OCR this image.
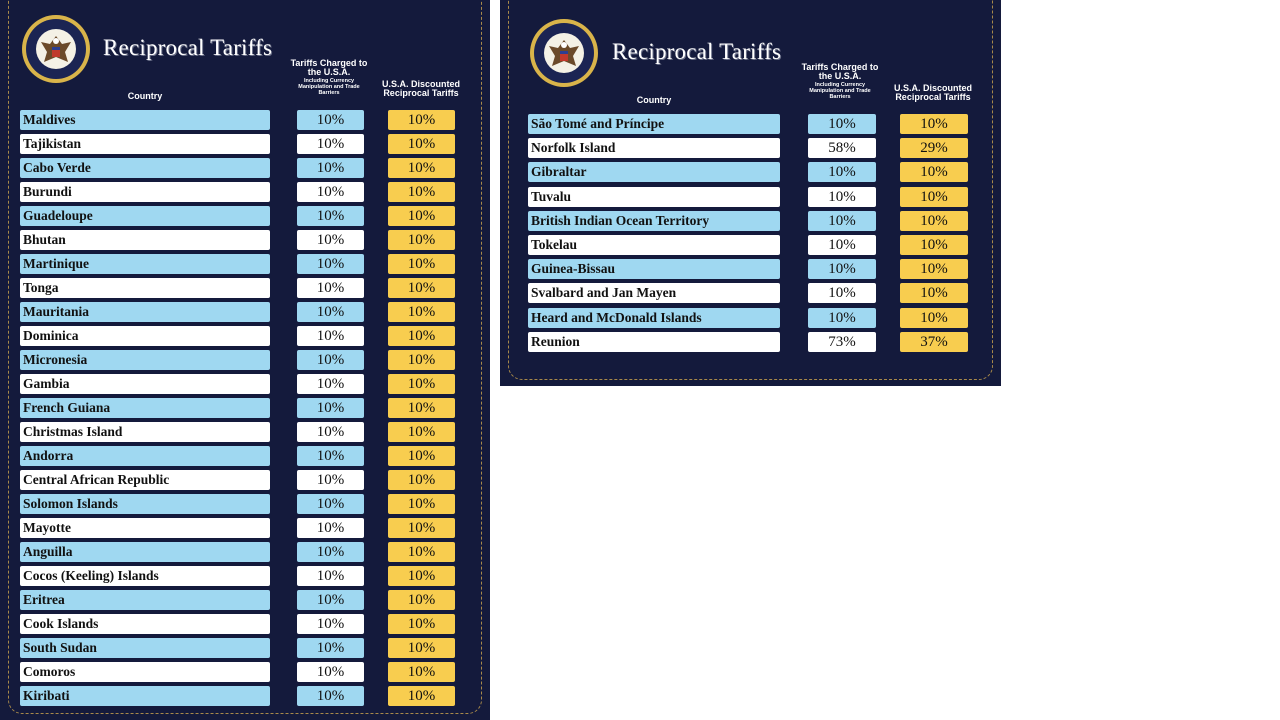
Reciprocal Tariffs
Country
Tariffs Charged to the U.S.A.
Including Currency Manipulation and Trade Barriers
U.S.A. Discounted Reciprocal Tariffs
Maldives	10%	10%
Tajikistan	10%	10%
Cabo Verde	10%	10%
Burundi	10%	10%
Guadeloupe	10%	10%
Bhutan	10%	10%
Martinique	10%	10%
Tonga	10%	10%
Mauritania	10%	10%
Dominica	10%	10%
Micronesia	10%	10%
Gambia	10%	10%
French Guiana	10%	10%
Christmas Island	10%	10%
Andorra	10%	10%
Central African Republic	10%	10%
Solomon Islands	10%	10%
Mayotte	10%	10%
Anguilla	10%	10%
Cocos (Keeling) Islands	10%	10%
Eritrea	10%	10%
Cook Islands	10%	10%
South Sudan	10%	10%
Comoros	10%	10%
Kiribati	10%	10%
Reciprocal Tariffs
Country
Tariffs Charged to the U.S.A.
Including Currency Manipulation and Trade Barriers
U.S.A. Discounted Reciprocal Tariffs
São Tomé and Príncipe	10%	10%
Norfolk Island	58%	29%
Gibraltar	10%	10%
Tuvalu	10%	10%
British Indian Ocean Territory	10%	10%
Tokelau	10%	10%
Guinea-Bissau	10%	10%
Svalbard and Jan Mayen	10%	10%
Heard and McDonald Islands	10%	10%
Reunion	73%	37%
